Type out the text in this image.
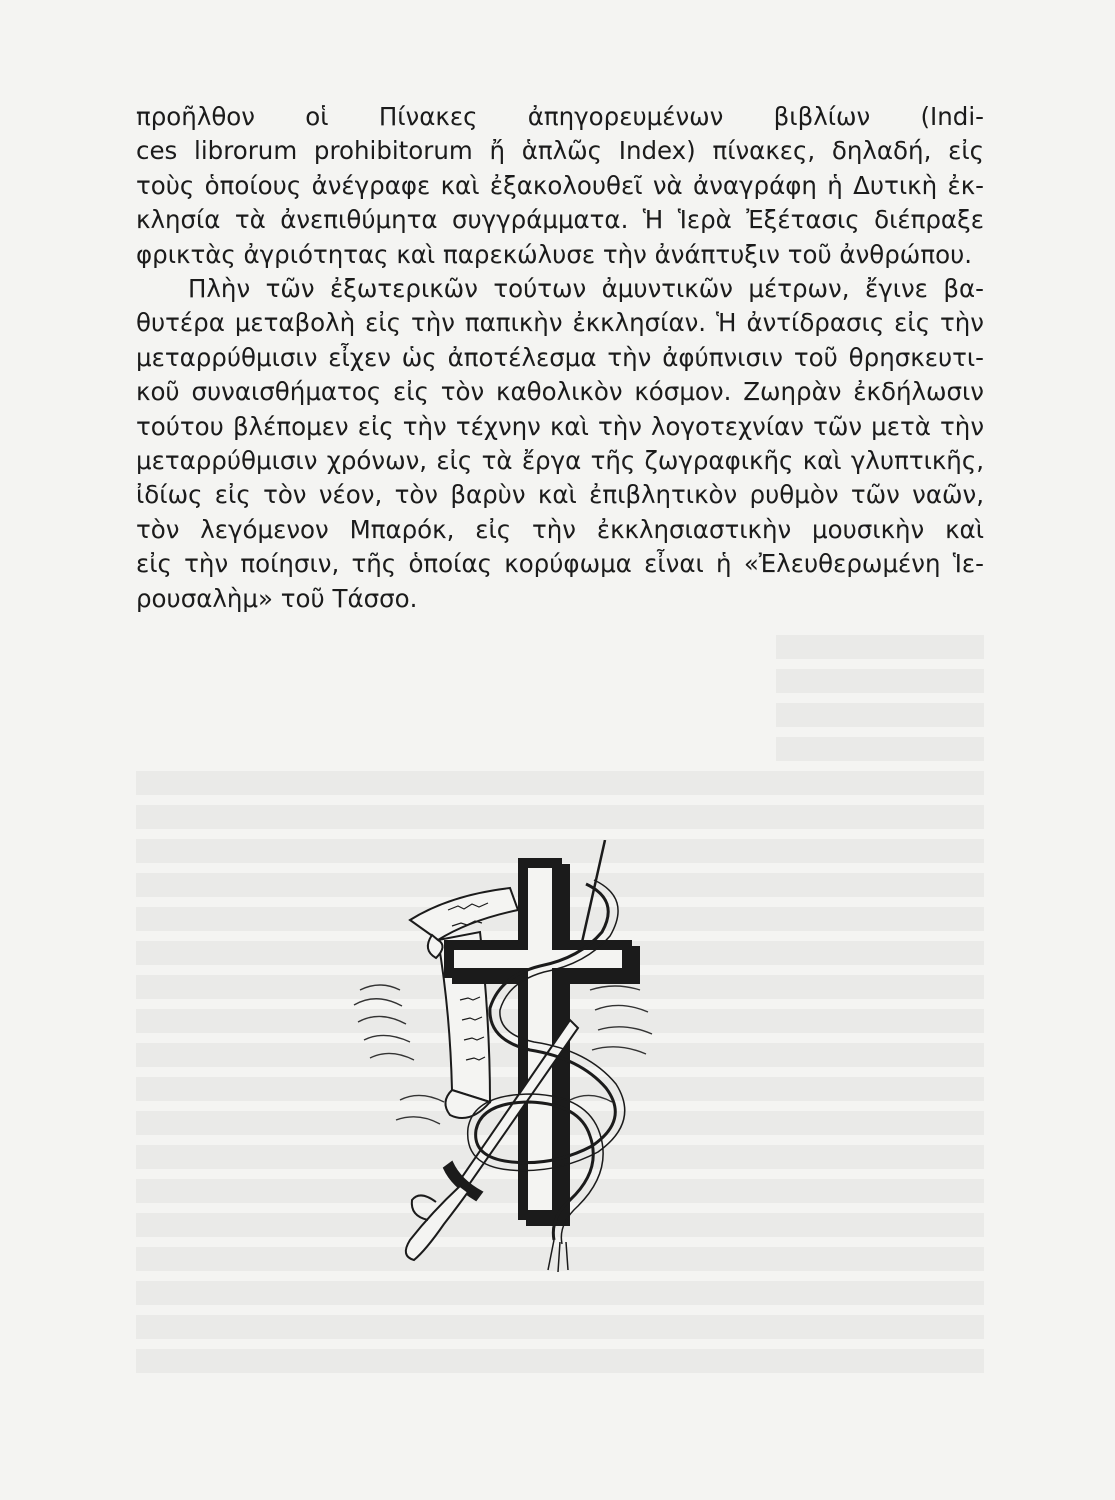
προῆλθον οἱ Πίνακες ἀπηγορευμένων βιβλίων (Indi-
ces librorum prohibitorum ἤ ἁπλῶς Index) πίνακες, δηλαδή, εἰς
τοὺς ὁποίους ἀνέγραφε καὶ ἐξακολουθεῖ νὰ ἀναγράφη ἡ Δυτικὴ ἐκ-
κλησία τὰ ἀνεπιθύμητα συγγράμματα. Ἡ Ἱερὰ Ἐξέτασις διέπραξε
φρικτὰς ἀγριότητας καὶ παρεκώλυσε τὴν ἀνάπτυξιν τοῦ ἀνθρώπου.
Πλὴν τῶν ἐξωτερικῶν τούτων ἀμυντικῶν μέτρων, ἔγινε βα-
θυτέρα μεταβολὴ εἰς τὴν παπικὴν ἐκκλησίαν. Ἡ ἀντίδρασις εἰς τὴν
μεταρρύθμισιν εἶχεν ὡς ἀποτέλεσμα τὴν ἀφύπνισιν τοῦ θρησκευτι-
κοῦ συναισθήματος εἰς τὸν καθολικὸν κόσμον. Ζωηρὰν ἐκδήλωσιν
τούτου βλέπομεν εἰς τὴν τέχνην καὶ τὴν λογοτεχνίαν τῶν μετὰ τὴν
μεταρρύθμισιν χρόνων, εἰς τὰ ἔργα τῆς ζωγραφικῆς καὶ γλυπτικῆς,
ἰδίως εἰς τὸν νέον, τὸν βαρὺν καὶ ἐπιβλητικὸν ρυθμὸν τῶν ναῶν,
τὸν λεγόμενον Μπαρόκ, εἰς τὴν ἐκκλησιαστικὴν μουσικὴν καὶ
εἰς τὴν ποίησιν, τῆς ὁποίας κορύφωμα εἶναι ἡ «Ἐλευθερωμένη Ἱε-
ρουσαλὴμ» τοῦ Τάσσο.
